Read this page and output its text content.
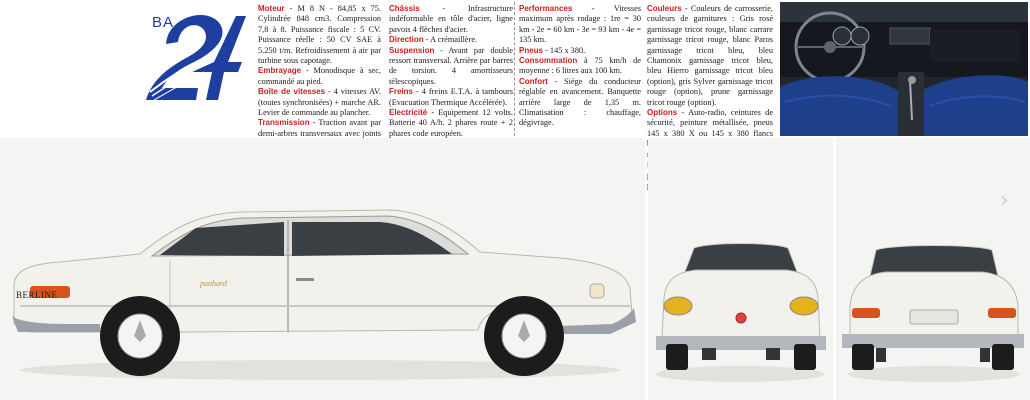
BA

Moteur - M 8 N - 84,85 x 75. Cylindrée 848 cm3. Compression 7,8 à 8. Puissance fiscale : 5 CV. Puissance réelle : 50 CV SAE à 5.250 t/m. Refroidissement à air par turbine sous capotage.

Embrayage - Monodisque à sec, commandé au pied.

Boîte de vitesses - 4 vitesses AV. (toutes synchronisées) + marche AR. Levier de commande au plancher.

Transmission - Traction avant par demi-arbres transversaux avec joints

Châssis - Infrastructure indéformable en tôle d'acier, ligne pavois 4 flèches d'acier.

Direction - A crémaillère.

Suspension - Avant par double ressort transversal. Arrière par barres de torsion. 4 amortisseurs télescopiques.

Freins - 4 freins E.T.A. à tambours (Evacuation Thermique Accélérée).

Electricité - Equipement 12 volts. Batterie 40 A/h. 2 phares route + 2 phares code européen.

Performances - Vitesses maximum après rodage : 1re = 30 km - 2e = 60 km - 3e = 93 km - 4e = 135 km.

Pneus - 145 x 380.

Consommation à 75 km/h de moyenne : 6 litres aux 100 km.

Confort - Siège du conducteur réglable en avancement. Banquette arrière large de 1,35 m. Climatisation : chauffage, dégivrage.

Couleurs - Couleurs de carrosserie, couleurs de garnitures : Gris rosé garnissage tricot rouge, blanc carrare garnissage tricot rouge, blanc Paros garnissage tricot bleu, bleu Chamonix garnissage tricot bleu, bleu Hierro garnissage tricot bleu (option), gris Sylver garnissage tricot rouge (option), prune garnissage tricot rouge (option).

Options - Auto-radio, ceintures de sécurité, peinture métallisée, pneus 145 x 380 X ou 145 x 380 flancs

BERLINE
panhard
›
